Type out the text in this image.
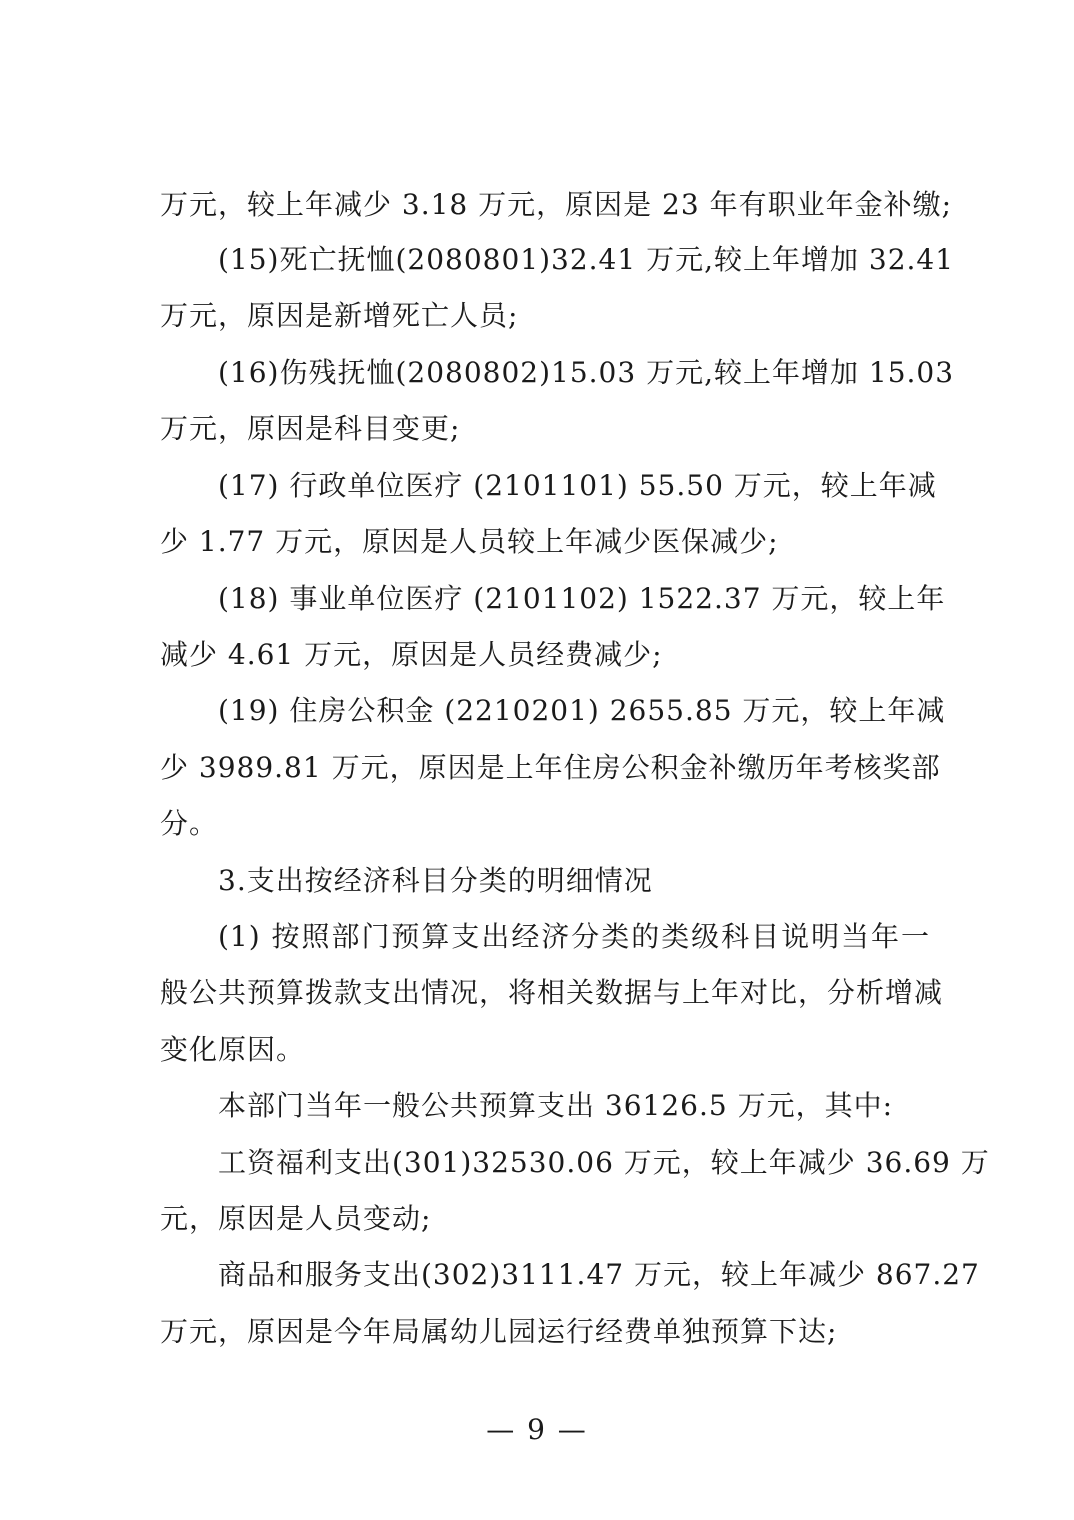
万元，较上年减少 3.18 万元，原因是 23 年有职业年金补缴;
(15)死亡抚恤(2080801)32.41 万元,较上年增加 32.41
万元，原因是新增死亡人员;
(16)伤残抚恤(2080802)15.03 万元,较上年增加 15.03
万元，原因是科目变更;
(17) 行政单位医疗 (2101101) 55.50 万元，较上年减
少 1.77 万元，原因是人员较上年减少医保减少;
(18) 事业单位医疗 (2101102) 1522.37 万元，较上年
减少 4.61 万元，原因是人员经费减少;
(19) 住房公积金 (2210201) 2655.85 万元，较上年减
少 3989.81 万元，原因是上年住房公积金补缴历年考核奖部
分。
3.支出按经济科目分类的明细情况
(1) 按照部门预算支出经济分类的类级科目说明当年一
般公共预算拨款支出情况，将相关数据与上年对比，分析增减
变化原因。
本部门当年一般公共预算支出 36126.5 万元，其中:
工资福利支出(301)32530.06 万元，较上年减少 36.69 万
元，原因是人员变动;
商品和服务支出(302)3111.47 万元，较上年减少 867.27
万元，原因是今年局属幼儿园运行经费单独预算下达;
— 9 —
